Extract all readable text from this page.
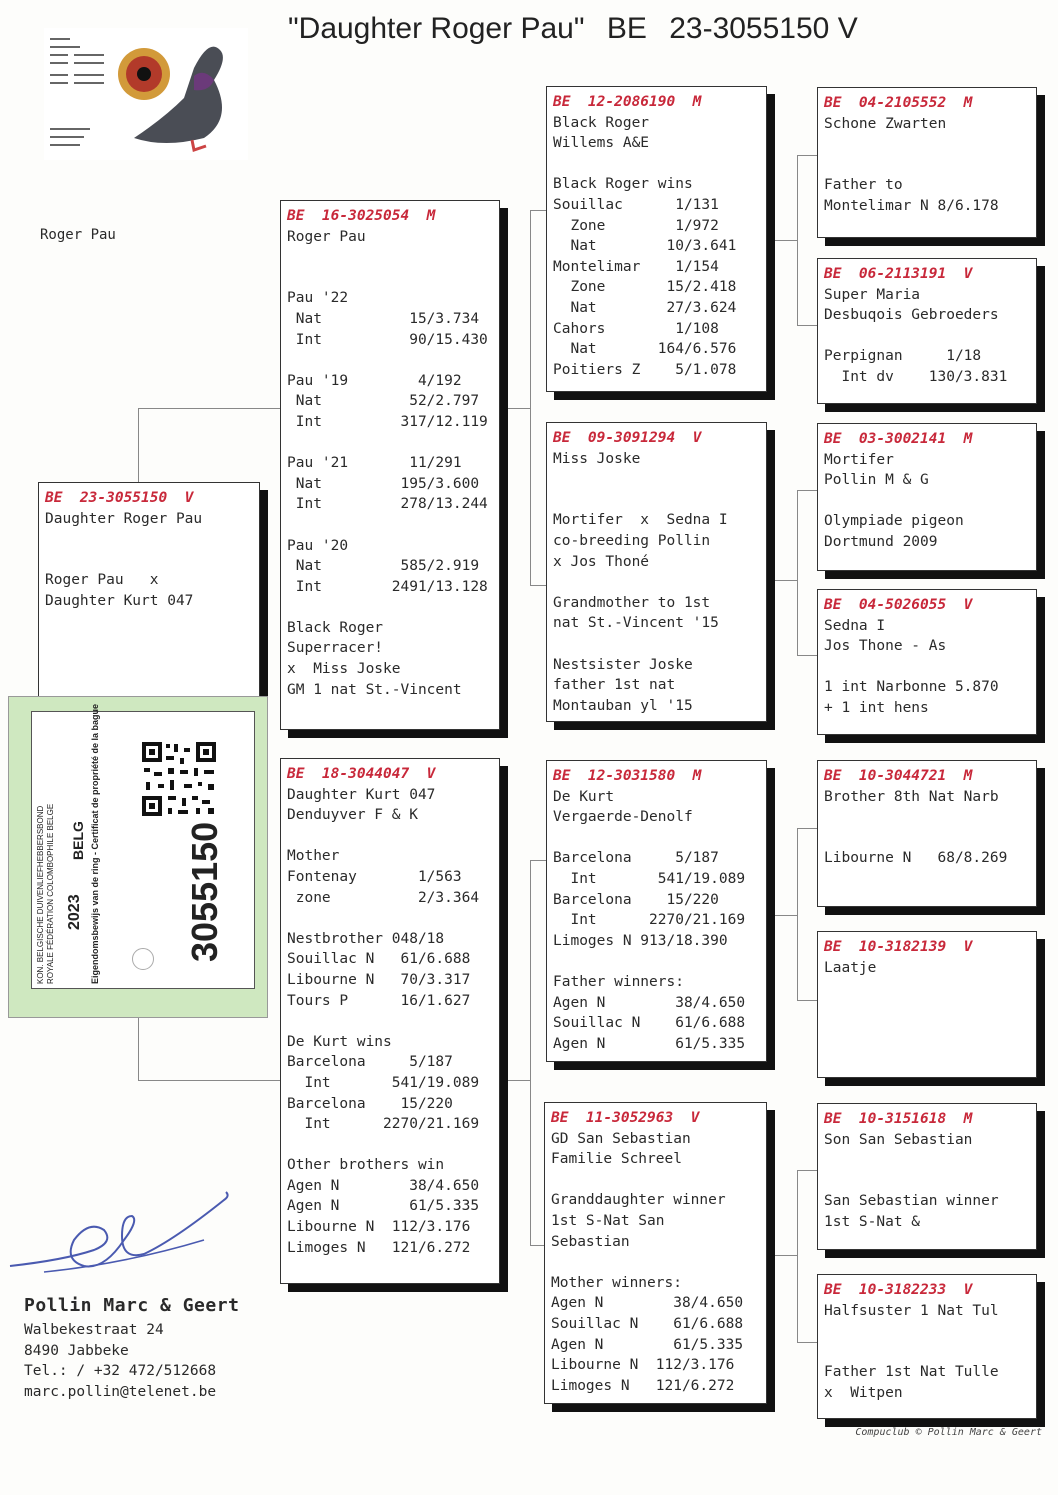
"Daughter Roger Pau" BE 23-3055150 V
Roger Pau
BE  23-3055150  V
Daughter Roger Pau
Roger Pau   x
Daughter Kurt 047
KON. BELGISCHE DUIVENLIEFHEBBERSBOND ROYALE FÉDÉRATION COLOMBOPHILE BELGE 2023
BELG Eigendomsbewijs van de ring - Certificat de propriété de la bague 3055150
BE  16-3025054  M
Roger Pau
Pau '22
Nat          15/3.734
Int          90/15.430
Pau '19        4/192
Nat          52/2.797
Int         317/12.119
Pau '21       11/291
Nat         195/3.600
Int         278/13.244
Pau '20
Nat         585/2.919
Int        2491/13.128
Black Roger
Superracer!
x  Miss Joske
GM 1 nat St.-Vincent
BE  18-3044047  V
Daughter Kurt 047
Denduyver F & K
Mother
Fontenay       1/563
zone          2/3.364
Nestbrother 048/18
Souillac N   61/6.688
Libourne N   70/3.317
Tours P      16/1.627
De Kurt wins
Barcelona     5/187
Int       541/19.089
Barcelona    15/220
Int      2270/21.169
Other brothers win
Agen N        38/4.650
Agen N        61/5.335
Libourne N  112/3.176
Limoges N   121/6.272
BE  12-2086190  M
Black Roger
Willems A&E
Black Roger wins
Souillac      1/131
Zone        1/972
Nat        10/3.641
Montelimar    1/154
Zone       15/2.418
Nat        27/3.624
Cahors        1/108
Nat       164/6.576
Poitiers Z    5/1.078
BE  09-3091294  V
Miss Joske
Mortifer  x  Sedna I
co-breeding Pollin
x Jos Thoné
Grandmother to 1st
nat St.-Vincent '15
Nestsister Joske
father 1st nat
Montauban yl '15
BE  12-3031580  M
De Kurt
Vergaerde-Denolf
Barcelona     5/187
Int       541/19.089
Barcelona    15/220
Int      2270/21.169
Limoges N 913/18.390
Father winners:
Agen N        38/4.650
Souillac N    61/6.688
Agen N        61/5.335
BE  11-3052963  V
GD San Sebastian
Familie Schreel
Granddaughter winner
1st S-Nat San
Sebastian
Mother winners:
Agen N        38/4.650
Souillac N    61/6.688
Agen N        61/5.335
Libourne N  112/3.176
Limoges N   121/6.272
BE  04-2105552  M
Schone Zwarten
Father to
Montelimar N 8/6.178
BE  06-2113191  V
Super Maria
Desbuqois Gebroeders
Perpignan     1/18
Int dv    130/3.831
BE  03-3002141  M
Mortifer
Pollin M & G
Olympiade pigeon
Dortmund 2009
BE  04-5026055  V
Sedna I
Jos Thone - As
1 int Narbonne 5.870
+ 1 int hens
BE  10-3044721  M
Brother 8th Nat Narb
Libourne N   68/8.269
BE  10-3182139  V
Laatje
BE  10-3151618  M
Son San Sebastian
San Sebastian winner
1st S-Nat &
BE  10-3182233  V
Halfsuster 1 Nat Tul
Father 1st Nat Tulle
x  Witpen
Pollin Marc & Geert
Walbekestraat 24
8490 Jabbeke
Tel.: / +32 472/512668
marc.pollin@telenet.be
Compuclub © Pollin Marc & Geert
